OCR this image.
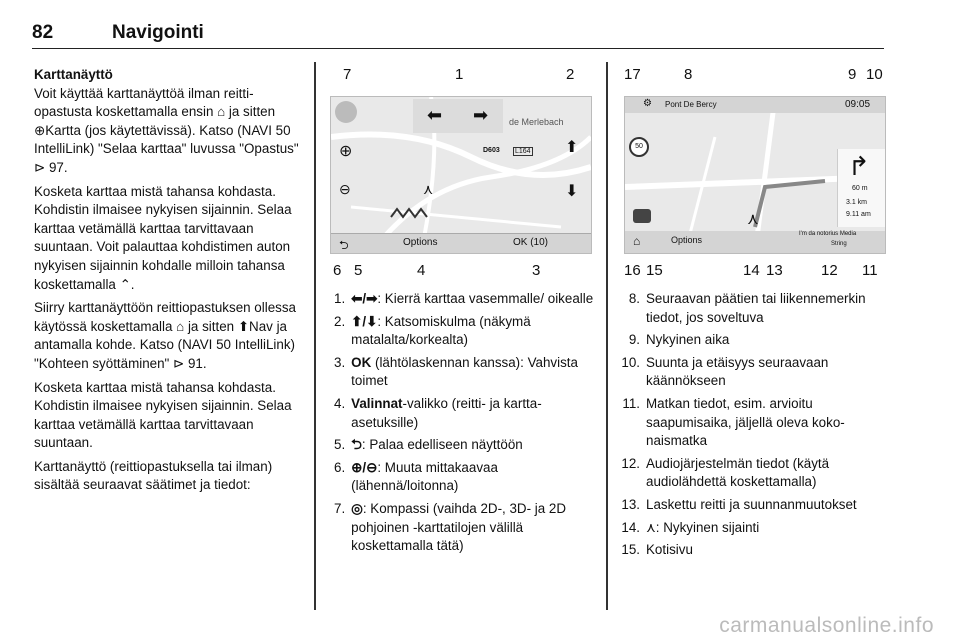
82	Navigointi

Karttanäyttö

Voit käyttää karttanäyttöä ilman reittiopastusta koskettamalla ensin ⌂ ja sitten ⊕Kartta (jos käytettävissä). Katso (NAVI 50 IntelliLink) "Selaa karttaa" luvussa "Opastus" ⊳ 97.

Kosketa karttaa mistä tahansa kohdasta. Kohdistin ilmaisee nykyisen sijainnin. Selaa karttaa vetämällä karttaa tarvittavaan suuntaan. Voit palauttaa kohdistimen auton nykyisen sijainnin kohdalle milloin tahansa koskettamalla ⌃.

Siirry karttanäyttöön reittiopastuksen ollessa käytössä koskettamalla ⌂ ja sitten ⬆Nav ja antamalla kohde. Katso (NAVI 50 IntelliLink) "Kohteen syöttäminen" ⊳ 91.

Kosketa karttaa mistä tahansa kohdasta. Kohdistin ilmaisee nykyisen sijainnin. Selaa karttaa vetämällä karttaa tarvittavaan suuntaan.

Karttanäyttö (reittiopastuksella tai ilman) sisältää seuraavat säätimet ja tiedot:

7	1	2
⬅ ➡ de Merlebach
D603 L164
⊕
⊖
⬆
⬇
⋏
⮌	Options	OK (10)
6 5	4	3
17	8	9 10
⚙ Pont De Bercy	09:05
50
↱
60 m
3.1 km
9.11 am
⋏
⌂	Options
I'm da notorius Media
String
16 15	14 13	12 11
1. ⬅/➡: Kierrä karttaa vasemmalle/ oikealle
2. ⬆/⬇: Katsomiskulma (näkymä matalalta/korkealta)
3. OK (lähtölaskennan kanssa): Vahvista toimet
4. Valinnat-valikko (reitti- ja kartta- asetuksille)
5. ⮌: Palaa edelliseen näyttöön
6. ⊕/⊖: Muuta mittakaavaa (lähennä/loitonna)
7. ◎: Kompassi (vaihda 2D-, 3D- ja 2D pohjoinen -karttatilojen välillä koskettamalla tätä)
8. Seuraavan päätien tai liikennemerkin tiedot, jos soveltuva
9. Nykyinen aika
10. Suunta ja etäisyys seuraavaan käännökseen
11. Matkan tiedot, esim. arvioitu saapumisaika, jäljellä oleva kokonaismatka
12. Audiojärjestelmän tiedot (käytä audiolähdettä koskettamalla)
13. Laskettu reitti ja suunnanmuutokset
14. ⋏: Nykyinen sijainti
15. Kotisivu
carmanualsonline.info
